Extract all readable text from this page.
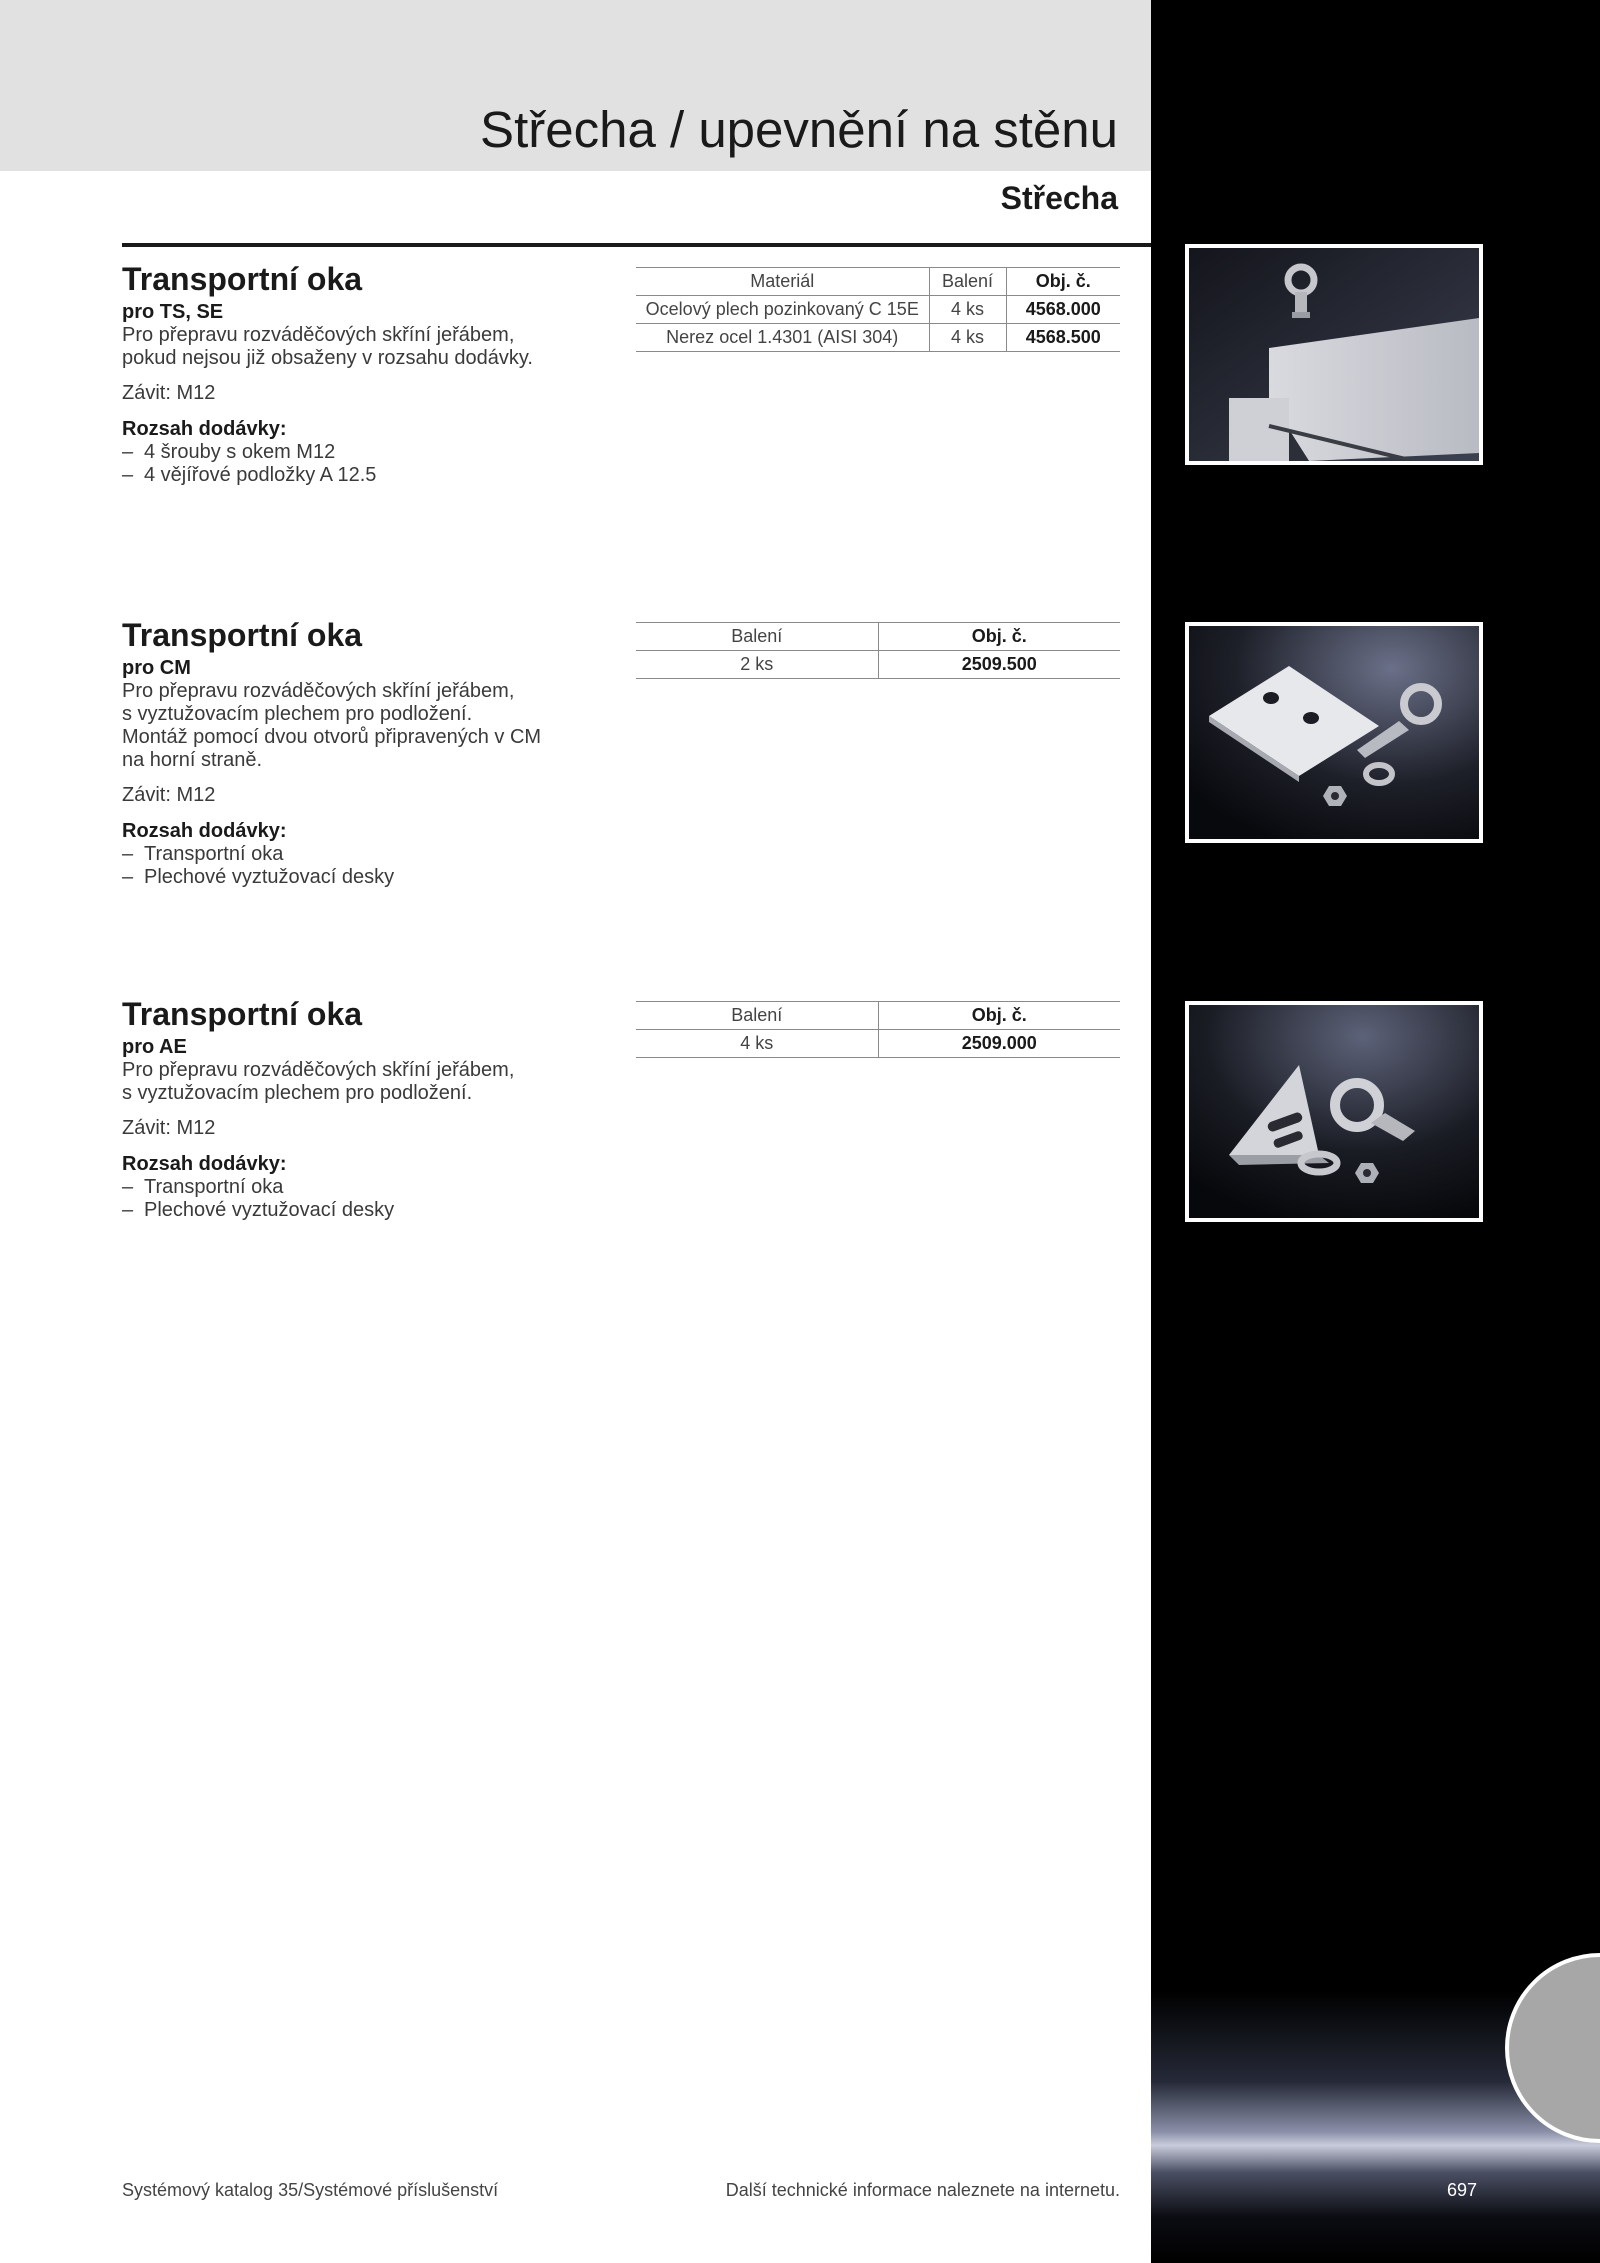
Střecha / upevnění na stěnu
Střecha
Transportní oka
pro TS, SE
Pro přepravu rozváděčových skříní jeřábem,
pokud nejsou již obsaženy v rozsahu dodávky.
Závit: M12
Rozsah dodávky:
– 4 šrouby s okem M12
– 4 vějířové podložky A 12.5
Materiál	Balení	Obj. č.
Ocelový plech pozinkovaný C 15E	4 ks	4568.000
Nerez ocel 1.4301 (AISI 304)	4 ks	4568.500
Transportní oka
pro CM
Pro přepravu rozváděčových skříní jeřábem,
s vyztužovacím plechem pro podložení.
Montáž pomocí dvou otvorů připravených v CM
na horní straně.
Závit: M12
Rozsah dodávky:
– Transportní oka
– Plechové vyztužovací desky
Balení	Obj. č.
2 ks	2509.500
Transportní oka
pro AE
Pro přepravu rozváděčových skříní jeřábem,
s vyztužovacím plechem pro podložení.
Závit: M12
Rozsah dodávky:
– Transportní oka
– Plechové vyztužovací desky
Balení	Obj. č.
4 ks	2509.000
Systémový katalog 35/Systémové příslušenství	Další technické informace naleznete na internetu.	697
